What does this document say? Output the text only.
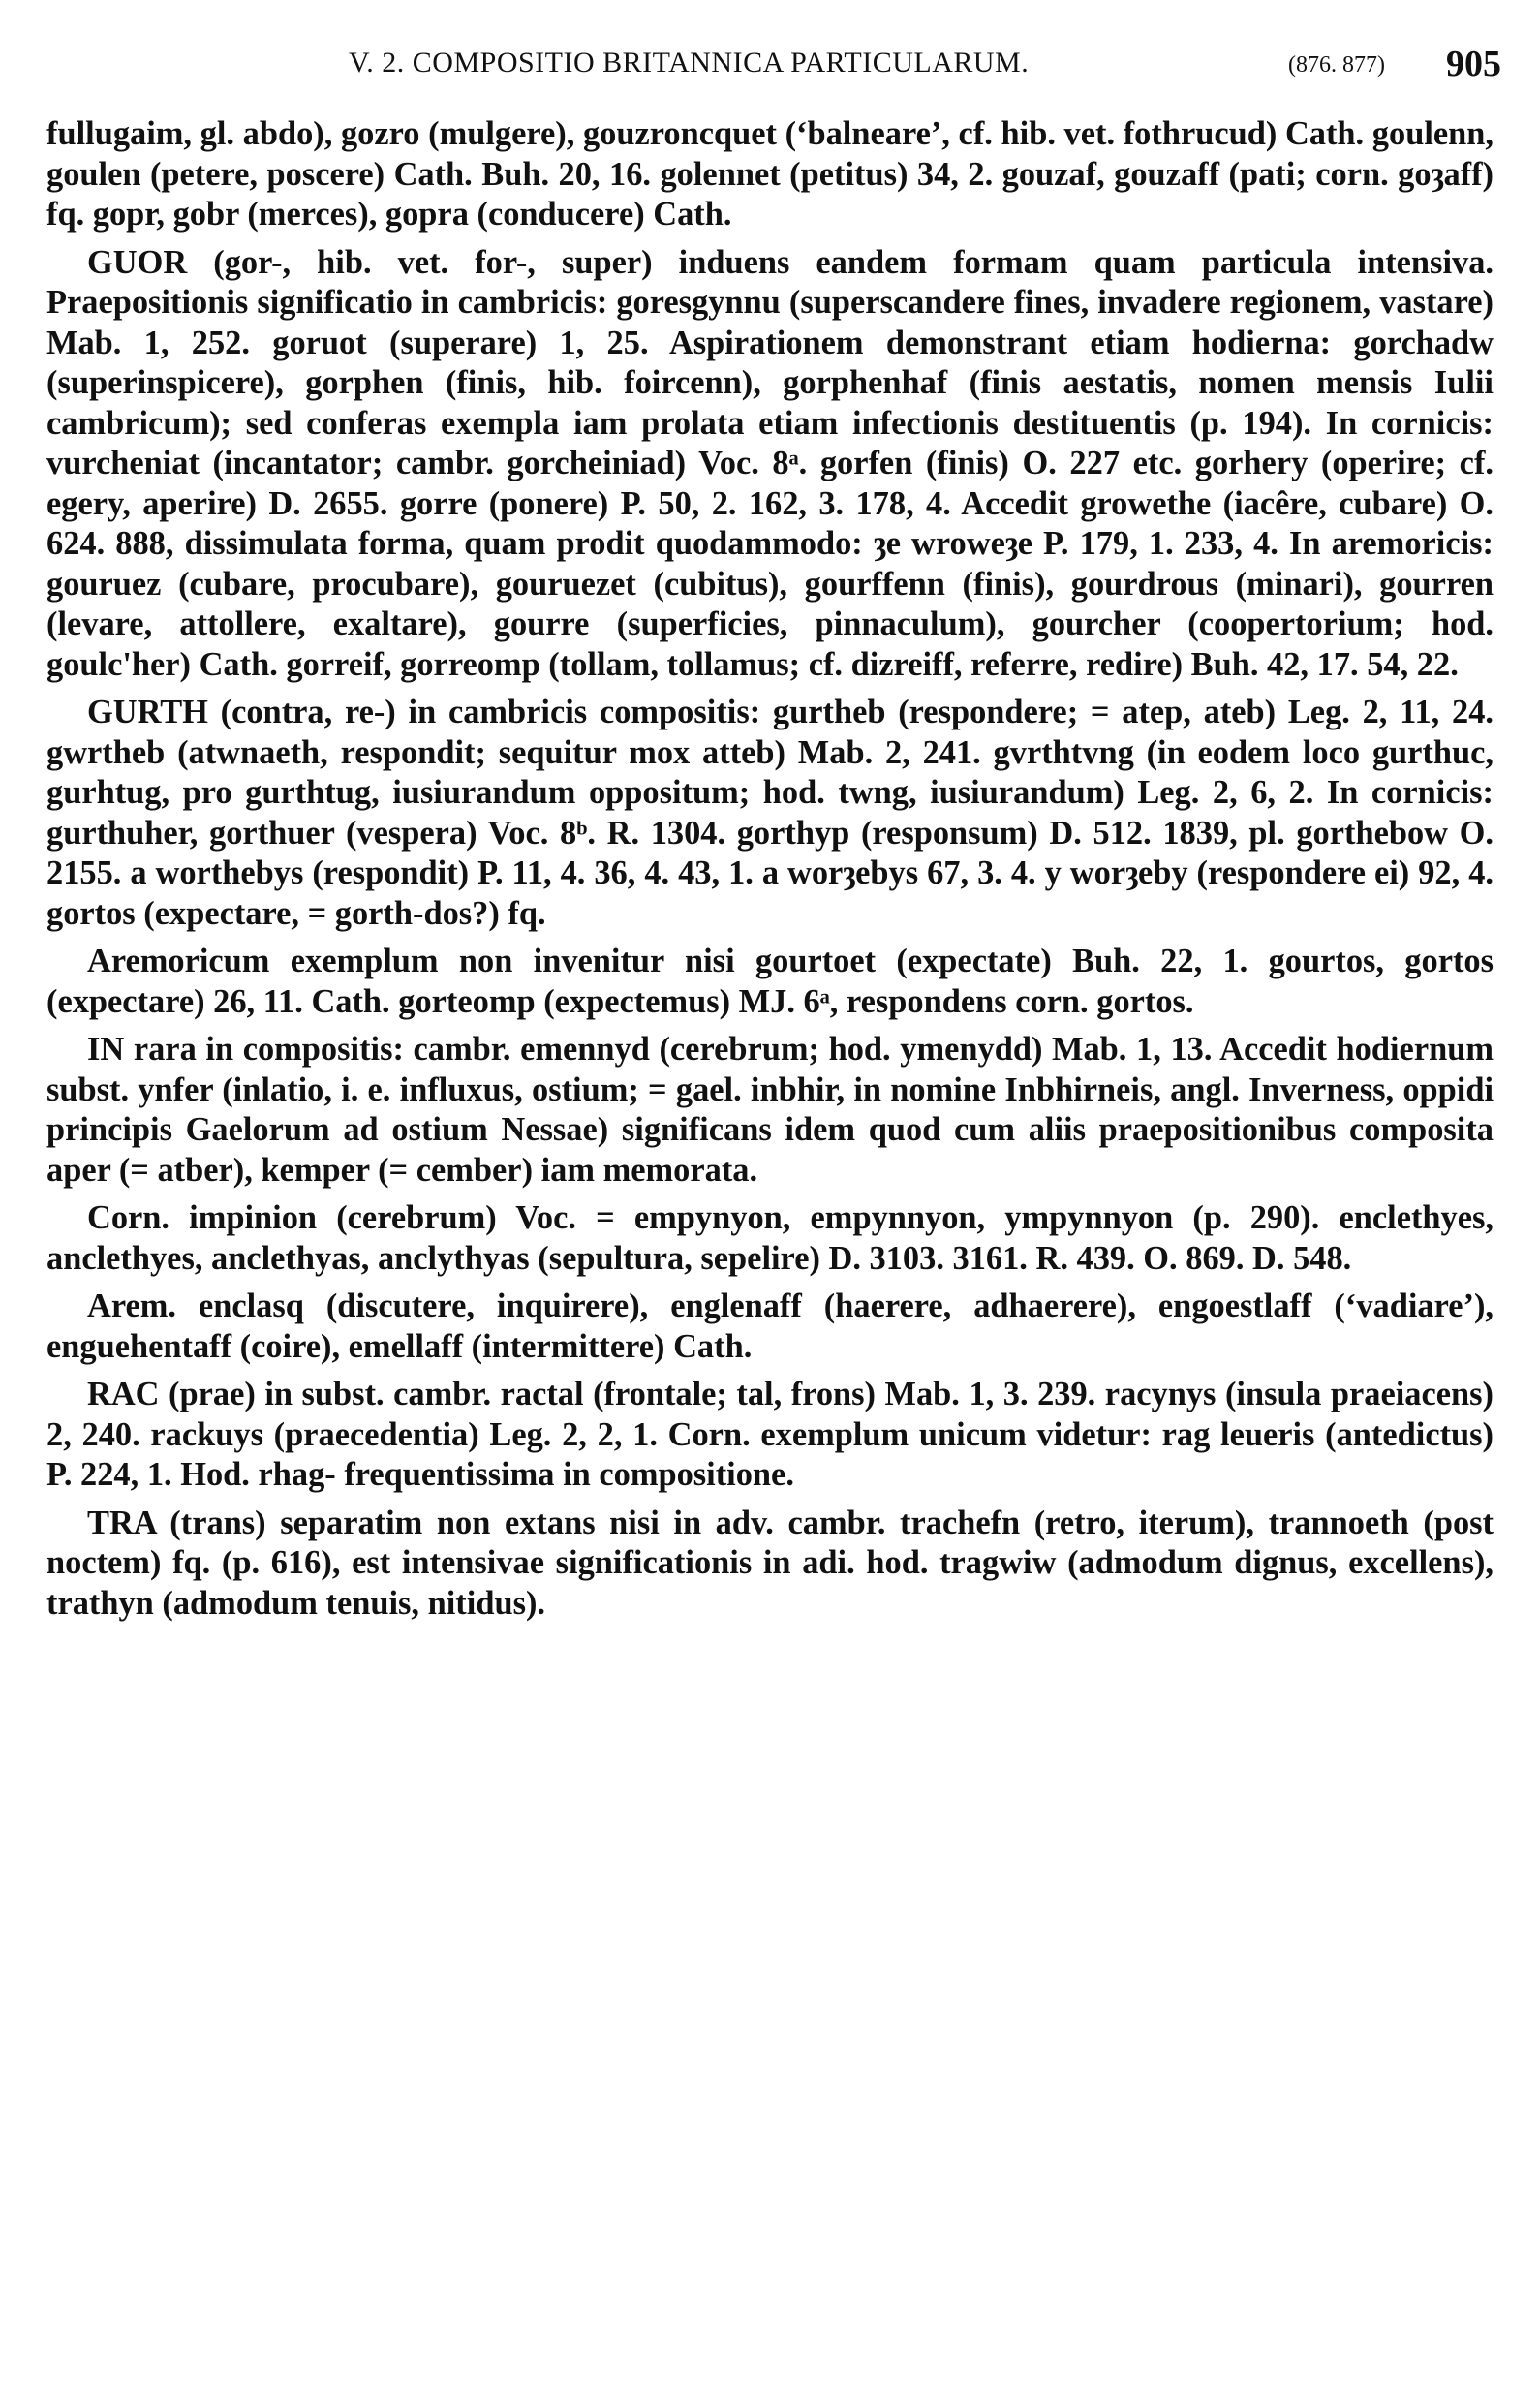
V. 2. COMPOSITIO BRITANNICA PARTICULARUM.	(876. 877) 905

fullugaim, gl. abdo), gozro (mulgere), gouzroncquet (‘balneare’, cf. hib. vet. fothrucud) Cath. goulenn, goulen (petere, poscere) Cath. Buh. 20, 16. golennet (petitus) 34, 2. gouzaf, gouzaff (pati; corn. goȝaff) fq. gopr, gobr (merces), gopra (conducere) Cath.

GUOR (gor-, hib. vet. for-, super) induens eandem formam quam particula intensiva. Praepositionis significatio in cambricis: goresgynnu (superscandere fines, invadere regionem, vastare) Mab. 1, 252. goruot (superare) 1, 25. Aspirationem demonstrant etiam hodierna: gorchadw (superinspicere), gorphen (finis, hib. foircenn), gorphenhaf (finis aestatis, nomen mensis Iulii cambricum); sed conferas exempla iam prolata etiam infectionis destituentis (p. 194). In cornicis: vurcheniat (incantator; cambr. gorcheiniad) Voc. 8ᵃ. gorfen (finis) O. 227 etc. gorhery (operire; cf. egery, aperire) D. 2655. gorre (ponere) P. 50, 2. 162, 3. 178, 4. Accedit growethe (iacêre, cubare) O. 624. 888, dissimulata forma, quam prodit quodammodo: ȝe wroweȝe P. 179, 1. 233, 4. In aremoricis: gouruez (cubare, procubare), gouruezet (cubitus), gourffenn (finis), gourdrous (minari), gourren (levare, attollere, exaltare), gourre (superficies, pinnaculum), gourcher (coopertorium; hod. goulc'her) Cath. gorreif, gorreomp (tollam, tollamus; cf. dizreiff, referre, redire) Buh. 42, 17. 54, 22.

GURTH (contra, re-) in cambricis compositis: gurtheb (respondere; = atep, ateb) Leg. 2, 11, 24. gwrtheb (atwnaeth, respondit; sequitur mox atteb) Mab. 2, 241. gvrthtvng (in eodem loco gurthuc, gurhtug, pro gurthtug, iusiurandum oppositum; hod. twng, iusiurandum) Leg. 2, 6, 2. In cornicis: gurthuher, gorthuer (vespera) Voc. 8ᵇ. R. 1304. gorthyp (responsum) D. 512. 1839, pl. gorthebow O. 2155. a worthebys (respondit) P. 11, 4. 36, 4. 43, 1. a worȝebys 67, 3. 4. y worȝeby (respondere ei) 92, 4. gortos (expectare, = gorth-dos?) fq.

Aremoricum exemplum non invenitur nisi gourtoet (expectate) Buh. 22, 1. gourtos, gortos (expectare) 26, 11. Cath. gorteomp (expectemus) MJ. 6ᵃ, respondens corn. gortos.

IN rara in compositis: cambr. emennyd (cerebrum; hod. ymenydd) Mab. 1, 13. Accedit hodiernum subst. ynfer (inlatio, i. e. influxus, ostium; = gael. inbhir, in nomine Inbhirneis, angl. Inverness, oppidi principis Gaelorum ad ostium Nessae) significans idem quod cum aliis praepositionibus composita aper (= atber), kemper (= cember) iam memorata.

Corn. impinion (cerebrum) Voc. = empynyon, empynnyon, ympynnyon (p. 290). enclethyes, anclethyes, anclethyas, anclythyas (sepultura, sepelire) D. 3103. 3161. R. 439. O. 869. D. 548.

Arem. enclasq (discutere, inquirere), englenaff (haerere, adhaerere), engoestlaff (‘vadiare’), enguehentaff (coire), emellaff (intermittere) Cath.

RAC (prae) in subst. cambr. ractal (frontale; tal, frons) Mab. 1, 3. 239. racynys (insula praeiacens) 2, 240. rackuys (praecedentia) Leg. 2, 2, 1. Corn. exemplum unicum videtur: rag leueris (antedictus) P. 224, 1. Hod. rhag- frequentissima in compositione.

TRA (trans) separatim non extans nisi in adv. cambr. trachefn (retro, iterum), trannoeth (post noctem) fq. (p. 616), est intensivae significationis in adi. hod. tragwiw (admodum dignus, excellens), trathyn (admodum tenuis, nitidus).
